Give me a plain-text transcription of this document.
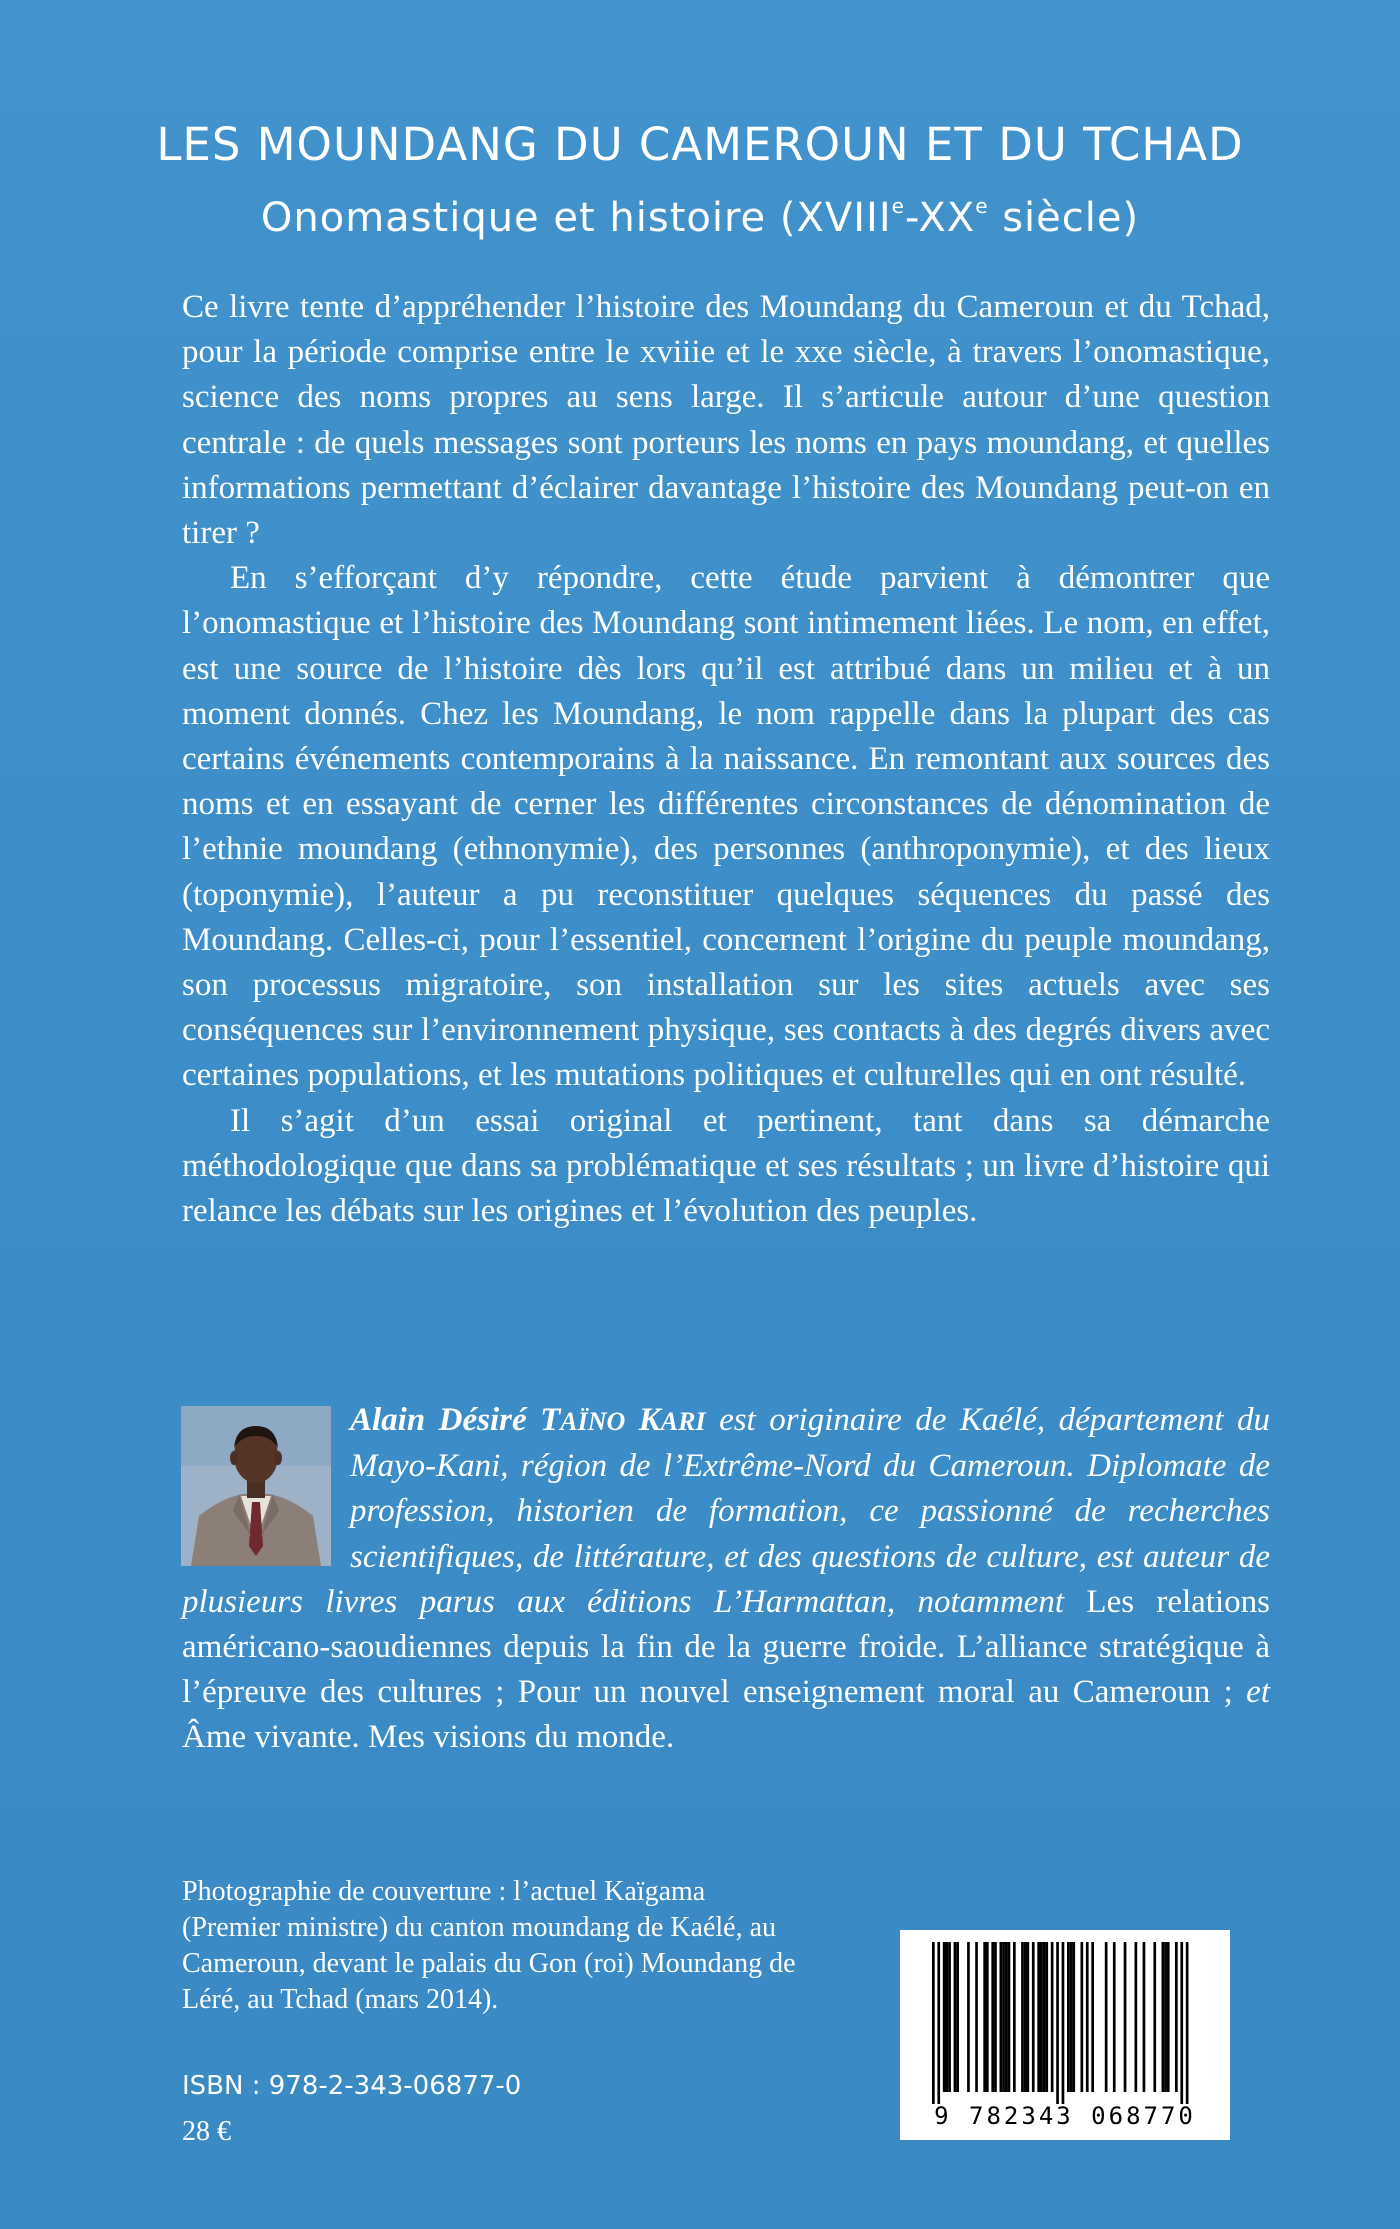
LES MOUNDANG DU CAMEROUN ET DU TCHAD
Onomastique et histoire (XVIIIe-XXe siècle)

Ce livre tente d’appréhender l’histoire des Moundang du Cameroun et du Tchad, pour la période comprise entre le xviiie et le xxe siècle, à travers l’onomastique, science des noms propres au sens large. Il s’articule autour d’une question centrale : de quels messages sont porteurs les noms en pays moundang, et quelles informations permettant d’éclairer davantage l’histoire des Moundang peut-on en tirer ?

En s’efforçant d’y répondre, cette étude parvient à démontrer que l’onomastique et l’histoire des Moundang sont intimement liées. Le nom, en effet, est une source de l’histoire dès lors qu’il est attribué dans un milieu et à un moment donnés. Chez les Moundang, le nom rappelle dans la plupart des cas certains événements contemporains à la naissance. En remontant aux sources des noms et en essayant de cerner les différentes circonstances de dénomination de l’ethnie moundang (ethnonymie), des personnes (anthroponymie), et des lieux (toponymie), l’auteur a pu reconstituer quelques séquences du passé des Moundang. Celles-ci, pour l’essentiel, concernent l’origine du peuple moundang, son processus migratoire, son installation sur les sites actuels avec ses conséquences sur l’environnement physique, ses contacts à des degrés divers avec certaines populations, et les mutations politiques et culturelles qui en ont résulté.

Il s’agit d’un essai original et pertinent, tant dans sa démarche méthodologique que dans sa problématique et ses résultats ; un livre d’histoire qui relance les débats sur les origines et l’évolution des peuples.

Alain Désiré TAÏNO KARI est originaire de Kaélé, département du Mayo-Kani, région de l’Extrême-Nord du Cameroun. Diplomate de profession, historien de formation, ce passionné de recherches scientifiques, de littérature, et des questions de culture, est auteur de plusieurs livres parus aux éditions L’Harmattan, notamment Les relations américano-saoudiennes depuis la fin de la guerre froide. L’alliance stratégique à l’épreuve des cultures ; Pour un nouvel enseignement moral au Cameroun ; et Âme vivante. Mes visions du monde.
Photographie de couverture : l’actuel Kaïgama (Premier ministre) du canton moundang de Kaélé, au Cameroun, devant le palais du Gon (roi) Moundang de Léré, au Tchad (mars 2014).
ISBN : 978-2-343-06877-0
28 €	9 782343 068770
